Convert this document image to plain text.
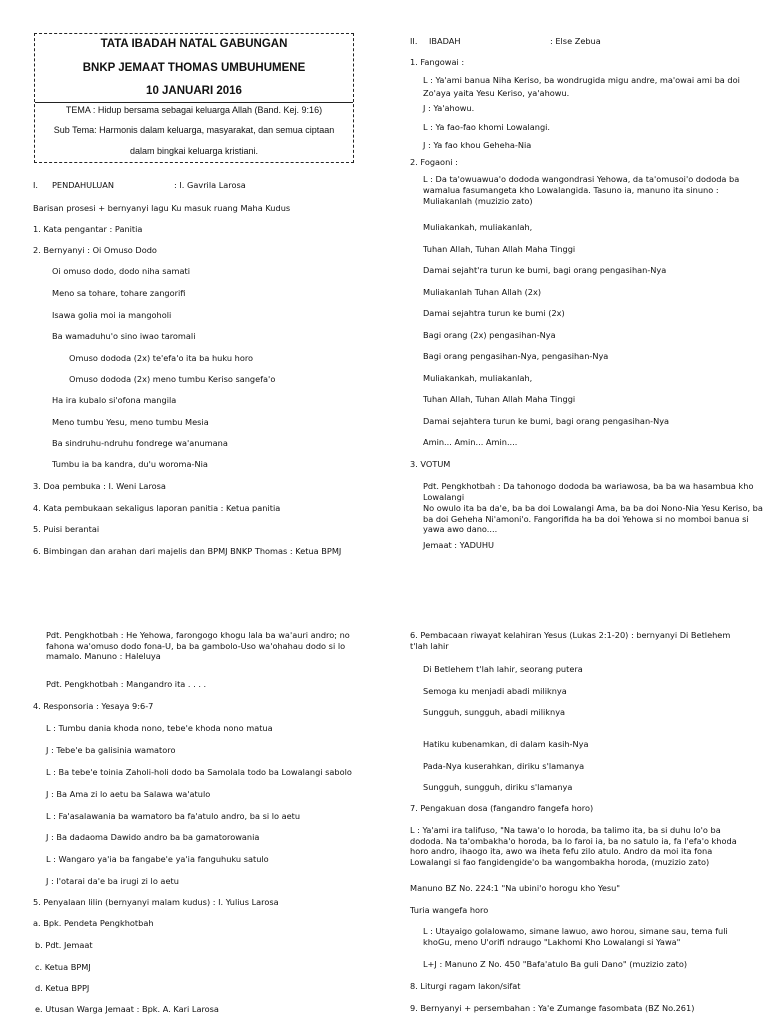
TATA IBADAH NATAL GABUNGAN
BNKP JEMAAT THOMAS UMBUHUMENE
10 JANUARI 2016
TEMA : Hidup bersama sebagai keluarga Allah (Band. Kej. 9:16)
Sub Tema: Harmonis dalam keluarga, masyarakat, dan semua ciptaan
dalam bingkai keluarga kristiani.
I. PENDAHULUAN	: I. Gavrila Larosa
Barisan prosesi + bernyanyi lagu Ku masuk ruang Maha Kudus
1. Kata pengantar : Panitia
2. Bernyanyi : Oi Omuso Dodo
Oi omuso dodo, dodo niha samati
Meno sa tohare, tohare zangorifi
Isawa golia moi ia mangoholi
Ba wamaduhu'o sino iwao taromali
Omuso dododa (2x) te'efa'o ita ba huku horo
Omuso dododa (2x) meno tumbu Keriso sangefa'o
Ha ira kubalo si'ofona mangila
Meno tumbu Yesu, meno tumbu Mesia
Ba sindruhu-ndruhu fondrege wa'anumana
Tumbu ia ba kandra, du'u woroma-Nia
3. Doa pembuka : I. Weni Larosa
4. Kata pembukaan sekaligus laporan panitia : Ketua panitia
5. Puisi berantai
6. Bimbingan dan arahan dari majelis dan BPMJ BNKP Thomas : Ketua BPMJ
II. IBADAH	: Else Zebua
1. Fangowai :
L : Ya'ami banua Niha Keriso, ba wondrugida migu andre, ma'owai ami ba doi Zo'aya yaita Yesu Keriso, ya'ahowu.
J : Ya'ahowu.
L : Ya fao-fao khomi Lowalangi.
J : Ya fao khou Geheha-Nia
2. Fogaoni :
L : Da ta'owuawua'o dododa wangondrasi Yehowa, da ta'omusoi'o dododa ba wamalua fasumangeta kho Lowalangida. Tasuno ia, manuno ita sinuno : Muliakanlah (muzizio zato)
Muliakankah, muliakanlah,
Tuhan Allah, Tuhan Allah Maha Tinggi
Damai sejaht'ra turun ke bumi, bagi orang pengasihan-Nya
Muliakanlah Tuhan Allah (2x)
Damai sejahtra turun ke bumi (2x)
Bagi orang (2x) pengasihan-Nya
Bagi orang pengasihan-Nya, pengasihan-Nya
Muliakankah, muliakanlah,
Tuhan Allah, Tuhan Allah Maha Tinggi
Damai sejahtera turun ke bumi, bagi orang pengasihan-Nya
Amin... Amin... Amin....
3. VOTUM
Pdt. Pengkhotbah : Da tahonogo dododa ba wariawosa, ba ba wa hasambua kho Lowalangi
No owulo ita ba da'e, ba ba doi Lowalangi Ama, ba ba doi Nono-Nia Yesu Keriso, ba ba doi Geheha Ni'amoni'o. Fangorifida ha ba doi Yehowa si no momboi banua si yawa awo dano....
Jemaat : YADUHU
Pdt. Pengkhotbah : He Yehowa, farongogo khogu lala ba wa'auri andro; no fahona wa'omuso dodo fona-U, ba ba gambolo-Uso wa'ohahau dodo si lo mamalo. Manuno : Haleluya
Pdt. Pengkhotbah : Mangandro ita . . . .
4. Responsoria : Yesaya 9:6-7
L : Tumbu dania khoda nono, tebe'e khoda nono matua
J : Tebe'e ba galisinia wamatoro
L : Ba tebe'e toinia Zaholi-holi dodo ba Samolala todo ba Lowalangi sabolo
J : Ba Ama zi lo aetu ba Salawa wa'atulo
L : Fa'asalawania ba wamatoro ba fa'atulo andro, ba si lo aetu
J : Ba dadaoma Dawido andro ba ba gamatorowania
L : Wangaro ya'ia ba fangabe'e ya'ia fanguhuku satulo
J : I'otarai da'e ba irugi zi lo aetu
5. Penyalaan lilin (bernyanyi malam kudus) : I. Yulius Larosa
a. Bpk. Pendeta Pengkhotbah
b. Pdt. Jemaat
c. Ketua BPMJ
d. Ketua BPPJ
e. Utusan Warga Jemaat : Bpk. A. Kari Larosa
6. Pembacaan riwayat kelahiran Yesus (Lukas 2:1-20) : bernyanyi Di Betlehem t'lah lahir
Di Betlehem t'lah lahir, seorang putera
Semoga ku menjadi abadi miliknya
Sungguh, sungguh, abadi miliknya
Hatiku kubenamkan, di dalam kasih-Nya
Pada-Nya kuserahkan, diriku s'lamanya
Sungguh, sungguh, diriku s'lamanya
7. Pengakuan dosa (fangandro fangefa horo)
L : Ya'ami ira talifuso, "Na tawa'o lo horoda, ba talimo ita, ba si duhu lo'o ba dododa. Na ta'ombakha'o horoda, ba lo faroi ia, ba no satulo ia, fa l'efa'o khoda horo andro, ihaogo ita, awo wa iheta fefu zilo atulo. Andro da moi ita fona Lowalangi si fao fangidengide'o ba wangombakha horoda, (muzizio zato)
Manuno BZ No. 224:1 "Na ubini'o horogu kho Yesu"
Turia wangefa horo
L : Utayaigo golalowamo, simane lawuo, awo horou, simane sau, tema fuli khoGu, meno U'orifi ndraugo "Lakhomi Kho Lowalangi si Yawa"
L+J : Manuno Z No. 450 "Bafa'atulo Ba guli Dano" (muzizio zato)
8. Liturgi ragam lakon/sifat
9. Bernyanyi + persembahan : Ya'e Zumange fasombata (BZ No.261)
